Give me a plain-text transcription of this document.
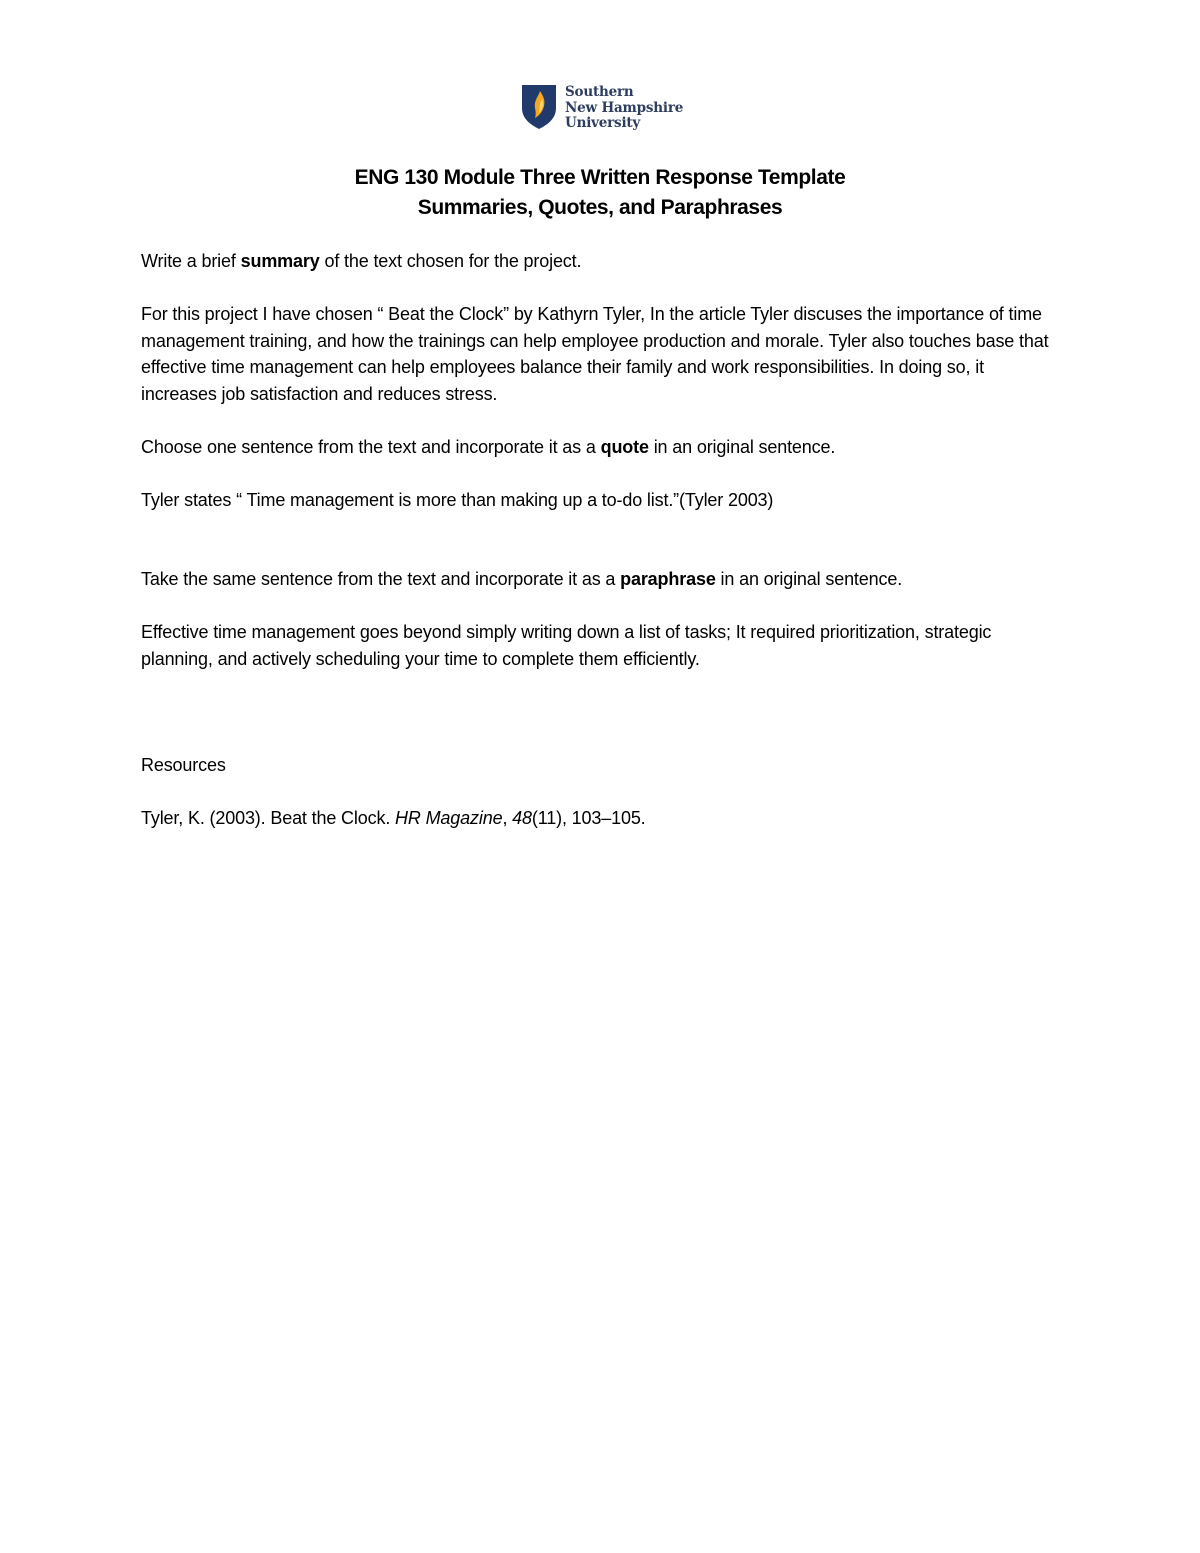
Southern
New Hampshire
University
ENG 130 Module Three Written Response Template
Summaries, Quotes, and Paraphrases

Write a brief summary of the text chosen for the project.

For this project I have chosen “ Beat the Clock” by Kathyrn Tyler, In the article Tyler discuses the importance of time management training, and how the trainings can help employee production and morale. Tyler also touches base that effective time management can help employees balance their family and work responsibilities. In doing so, it increases job satisfaction and reduces stress.

Choose one sentence from the text and incorporate it as a quote in an original sentence.

Tyler states “ Time management is more than making up a to-do list.”(Tyler 2003)

Take the same sentence from the text and incorporate it as a paraphrase in an original sentence.

Effective time management goes beyond simply writing down a list of tasks; It required prioritization, strategic planning, and actively scheduling your time to complete them efficiently.

Resources

Tyler, K. (2003). Beat the Clock. HR Magazine, 48(11), 103–105.
